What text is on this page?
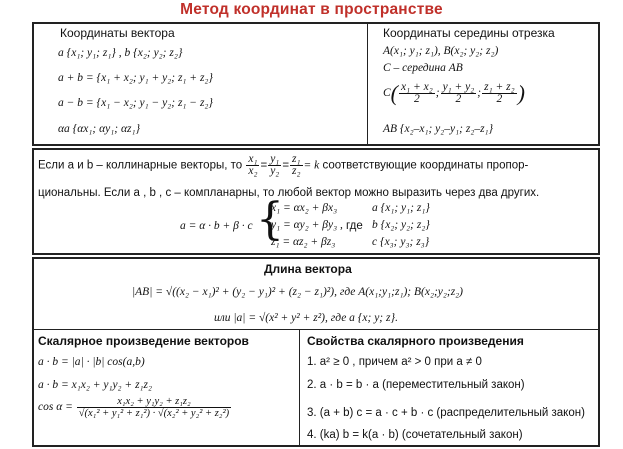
Метод координат в пространстве
Координаты вектора
a {x₁; y₁; z₁} , b {x₂; y₂; z₂}
a + b = {x₁ + x₂; y₁ + y₂; z₁ + z₂}
a − b = {x₁ − x₂; y₁ − y₂; z₁ − z₂}
αa {αx₁; αy₁; αz₁}
Координаты середины отрезка
A(x₁; y₁; z₁), B(x₂; y₂; z₂)
C – середина AB
$C( \frac{\text{x₁ + x₂}}{2}$ ; $\frac{\text{y₁ + y₂}}{2}$ ; $\frac{\text{z₁ + z₂}}{2}$ )
AB {x₂–x₁; y₂–y₁; z₂–z₁}
Если a и b – коллинарные векторы, то $\frac{\text{x₁}}{\text{x₂}} = \frac{\text{y₁}}{\text{y₂}} = \frac{\text{z₁}}{\text{z₂}} = k$ соответствующие координаты пропор-
циональны. Если a , b , c – компланарны, то любой вектор можно выразить через два других.
a = α · b + β · c {
x₁ = αx₂ + βx₃
y₁ = αy₂ + βy₃ ,
z₁ = αz₂ + βz₃
где
a {x₁; y₁; z₁}
b {x₂; y₂; z₂}
c {x₃; y₃; z₃}
Длина вектора
|AB| = √((x₂ − x₁)² + (y₂ − y₁)² + (z₂ − z₁)²), где A(x₁;y₁;z₁); B(x₂;y₂;z₂)
или |a| = √(x² + y² + z²), где a {x; y; z}.
Скалярное произведение векторов
a · b = |a| · |b| cos(a,b)
a · b = x₁x₂ + y₁y₂ + z₁z₂
$\cos \alpha = \frac{\text{x₁x₂ + y₁y₂ + z₁z₂}}{\text{√(x₁² + y₁² + z₁²) · √(x₂² + y₂² + z₂²)}}$
Свойства скалярного произведения
1. a² ≥ 0 , причем a² > 0 при a ≠ 0
2. a · b = b · a (переместительный закон)
3. (a + b) c = a · c + b · c (распределительный закон)
4. (ka) b = k(a · b) (сочетательный закон)
